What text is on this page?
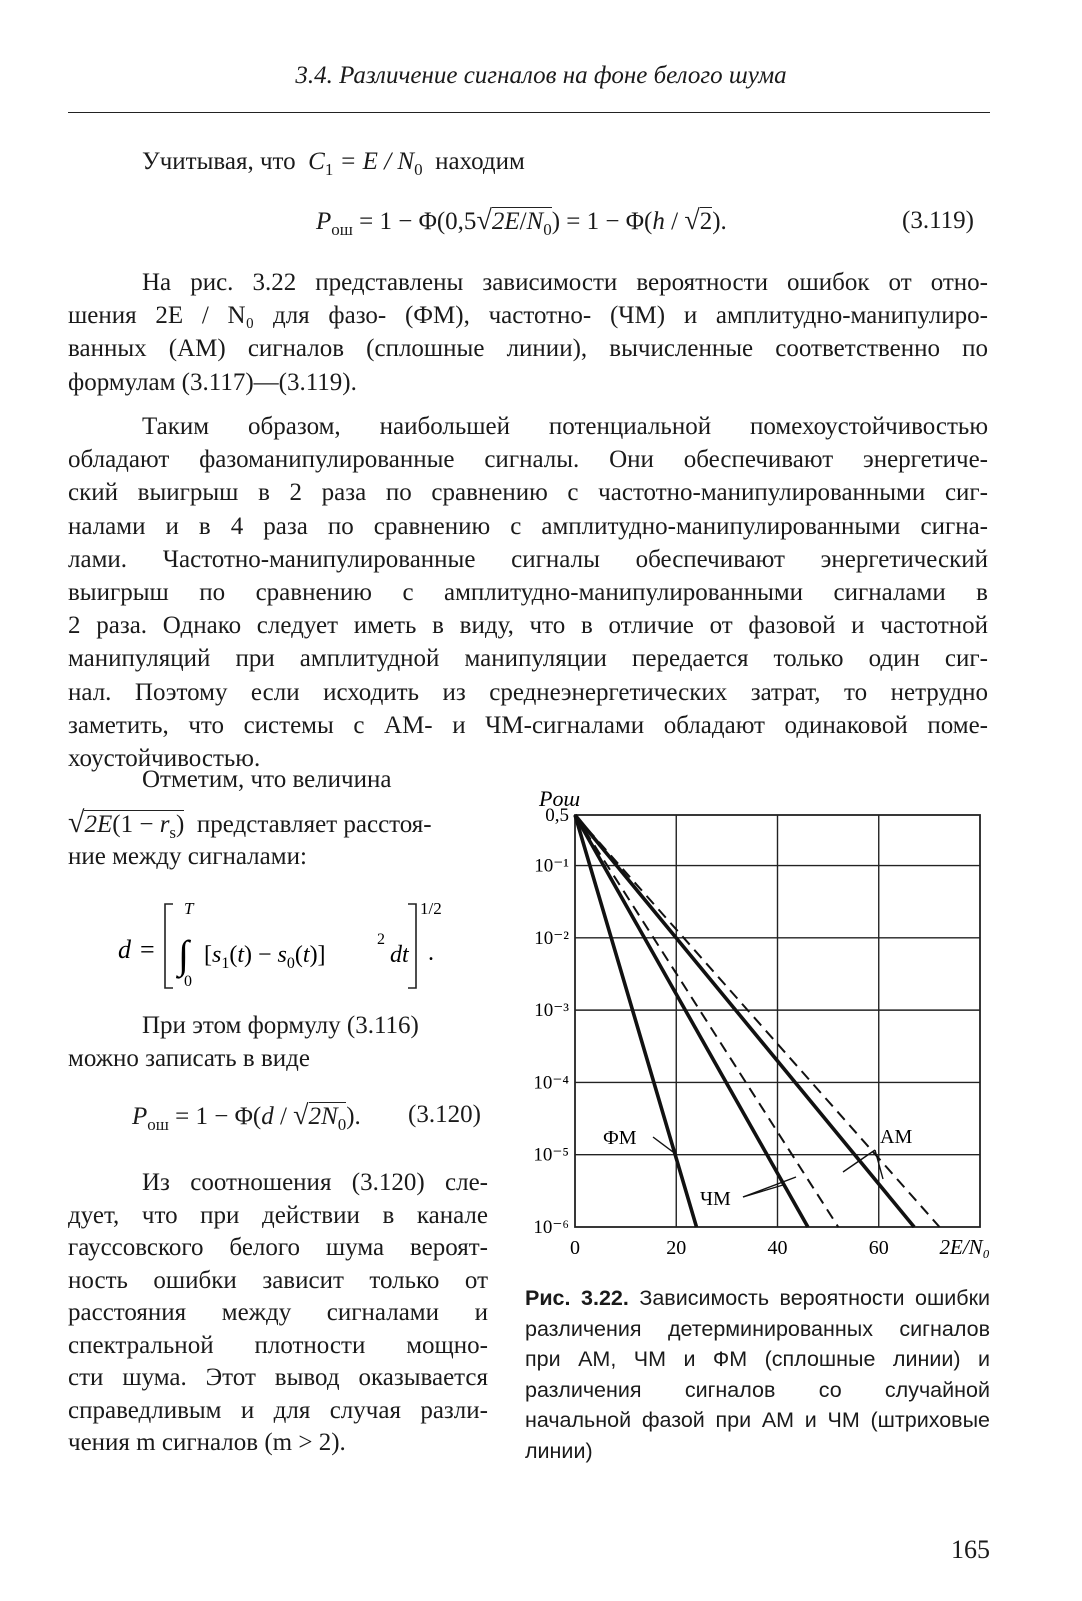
3.4. Различение сигналов на фоне белого шума
Учитывая, что $C_1 = E / N_0$ находим
$P_{ош} = 1 - \Phi(0,5√2E/N_0) = 1 - \Phi(h / √2)$.	(3.119)
На рис. 3.22 представлены зависимости вероятности ошибок от отно-
шения 2E / N₀ для фазо- (ФМ), частотно- (ЧМ) и амплитудно-манипулиро-
ванных (АМ) сигналов (сплошные линии), вычисленные соответственно по
формулам (3.117)—(3.119).
Таким образом, наибольшей потенциальной помехоустойчивостью
обладают фазоманипулированные сигналы. Они обеспечивают энергетиче-
ский выигрыш в 2 раза по сравнению с частотно-манипулированными сиг-
налами и в 4 раза по сравнению с амплитудно-манипулированными сигна-
лами. Частотно-манипулированные сигналы обеспечивают энергетический
выигрыш по сравнению с амплитудно-манипулированными сигналами в
2 раза. Однако следует иметь в виду, что в отличие от фазовой и частотной
манипуляций при амплитудной манипуляции передается только один сиг-
нал. Поэтому если исходить из среднеэнергетических затрат, то нетрудно
заметить, что системы с АМ- и ЧМ-сигналами обладают одинаковой поме-
хоустойчивостью.
Отметим, что величина
$√2E(1 - r_s)$ представляет расстоя-
ние между сигналами:
d =
T
∫
0
$[s_1(t) - s_0(t)]$
2
dt
1/2
.
При этом формулу (3.116)
можно записать в виде
$P_{ош} = 1 - \Phi(d / √2N_0)$. (3.120)
Из соотношения (3.120) сле-
дует, что при действии в канале
гауссовского белого шума вероят-
ность ошибки зависит только от
расстояния между сигналами и
спектральной плотности мощно-
сти шума. Этот вывод оказывается
справедливым и для случая разли-
чения m сигналов (m > 2).
0,5
10⁻¹
10⁻²
10⁻³
10⁻⁴
10⁻⁵
10⁻⁶
0	20	40	60 2E/N₀
Pош
ФМ
ЧМ
АМ
Рис. 3.22. Зависимость вероятности ошибки различения детерминированных сигналов при АМ, ЧМ и ФМ (сплошные линии) и различения сигналов со случайной начальной фазой при АМ и ЧМ (штриховые линии)
165
